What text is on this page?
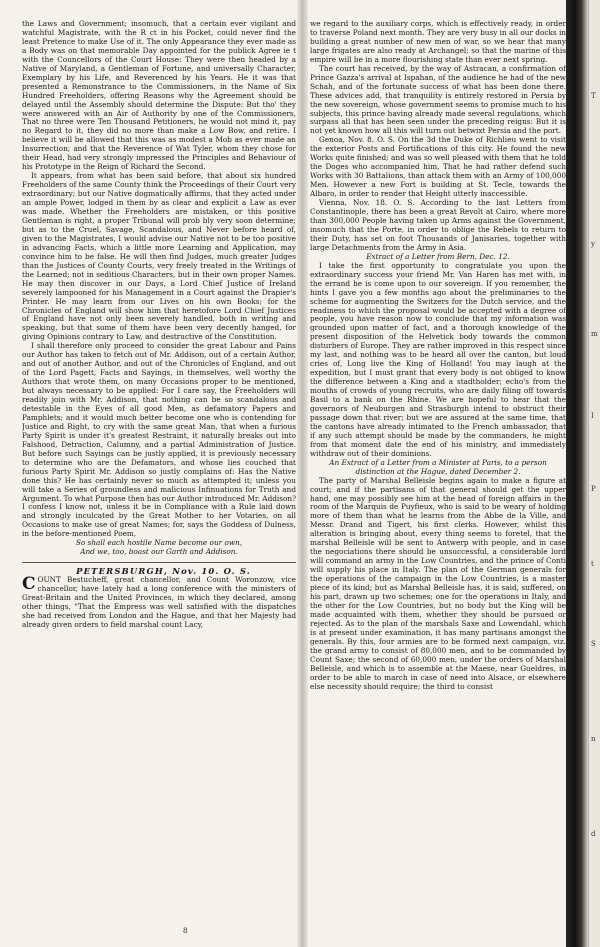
the Laws and Government; insomuch, that a certain ever vigilant and watchful Magistrate, with the R ct in his Pocket, could never find the least Pretence to make Use of it. The only Appearance they ever made as a Body was on that memorable Day appointed for the publick Agree ie t with the Councellors of the Court House: They were then headed by a Native of Maryland, a Gentleman of Fortune, and universally Character, Exemplary by his Life, and Reverenced by his Years. He it was that presented a Remonstrance to the Commissioners, in the Name of Six Hundred Freeholders, offering Reasons why the Agreement should be delayed until the Assembly should determine the Dispute: But tho' they were answered with an Air of Authority by one of the Commissioners, That no three were Ten Thousand Petitioners, he would not mind it, pay no Regard to it, they did no more than make a Low Bow, and retire. I believe it will be allowed that this was as modest a Mob as ever made an Insurrection; and that the Reverence of Wat Tyler, whom they chose for their Head, had very strongly impressed the Principles and Behaviour of his Prototype in the Reign of Richard the Second.

It appears, from what has been said before, that about six hundred Freeholders of the same County think the Proceedings of their Court very extraordinary; but our Native dogmatically affirms, that they acted under an ample Power, lodged in them by as clear and explicit a Law as ever was made. Whether the Freeholders are mistaken, or this positive Gentleman is right, a proper Tribunal will prob bly very soon determine; but as to the Cruel, Savage, Scandalous, and Never before heard of, given to the Magistrates, I would advise our Native not to be too positive in advancing Facts, which a little more Learning and Application, may convince him to be false. He will then find Judges, much greater Judges than the Justices of County Courts, very freely treated in the Writings of the Learned; not in seditious Characters, but in their own proper Names. He may then discover in our Days, a Lord Chief Justice of Ireland severely lampooned for his Management in a Court against the Drapier's Printer. He may learn from our Lives on his own Books; for the Chronicles of England will show him that heretofore Lord Chief Justices of England have not only been severely handled, both in writing and speaking, but that some of them have been very decently hanged, for giving Opinions contrary to Law, and destructive of the Constitution.

I shall therefore only proceed to consider the great Labour and Pains our Author has taken to fetch out of Mr. Addison, out of a certain Author, and out of another Author, and out of the Chronicles of England, and out of the Lord Pagett, Facts and Sayings, in themselves, well worthy the Authors that wrote them, on many Occasions proper to be mentioned, but always necessary to be applied: For I care say, the Freeholders will readily join with Mr. Addison, that nothing can be so scandalous and detestable in the Eyes of all good Men, as defamatory Papers and Pamphlets; and it would much better become one who is contending for Justice and Right, to cry with the same great Man, that when a furious Party Spirit is under it's greatest Restraint, it naturally breaks out into Falshood, Detraction, Calumny, and a partial Administration of Justice. But before such Sayings can be justly applied, it is previously necessary to determine who are the Defamators, and whose lies couched that furious Party Spirit Mr. Addison so justly complains of: Has the Native done this? He has certainly never so much as attempted it; unless you will take a Series of groundless and malicious Infinuations for Truth and Argument. To what Purpose then has our Author introduced Mr. Addison? I confess I know not, unless it be in Compliance with a Rule laid down and strongly inculcated by the Great Mother to her Votaries, on all Occasions to make use of great Names; for, says the Goddess of Dulness, in the before-mentioned Poem,

So shall each hostile Name become our own,

And we, too, boast our Garth and Addison.

PETERSBURGH, Nov. 10. O. S.

COUNT Bestucheff, great chancellor, and Count Woronzow, vice chancellor, have lately had a long conference with the ministers of Great-Britain and the United Provinces, in which they declared, among other things, "That the Empress was well satisfied with the dispatches she had received from London and the Hague, and that her Majesty had already given orders to field marshal count Lacy,

we regard to the auxiliary corps, which is effectively ready, in order to traverse Poland next month. They are very busy in all our docks in building a great number of new men of war, so we hear that many large frigates are also ready at Archangel; so that the marine of this empire will be in a more flourishing state than ever next spring.

The court has received, by the way of Astracan, a confirmation of Prince Gazza's arrival at Ispahan, of the audience he had of the new Schah, and of the fortunate success of what has been done there. These advices add, that tranquility is entirely restored in Persia by the new sovereign, whose government seems to promise much to his subjects, this prince having already made several regulations, which surpass all that has been seen under the preceding reigns: But it is not yet known how all this will turn out betwixt Persia and the port.

Genoa, Nov. 8. O. S. On the 3d the Duke of Richlieu went to visit the exterior Posts and Fortifications of this city. He found the new Works quite finished; and was so well pleased with them that he told the Doges who accompanied him, That he had rather defend such Works with 30 Battalions, than attack them with an Army of 100,000 Men. However a new Fort is building at St. Tecle, towards the Albaro, in order to render that Height utterly inaccessible.

Vienna, Nov. 18. O. S. According to the last Letters from Constantinople, there has been a great Revolt at Cairo, where more than 300,000 People having taken up Arms against the Government, insomuch that the Porte, in order to oblige the Rebels to return to their Duty, has set on foot Thousands of Janisaries, together with large Detachments from the Army in Asia.

Extract of a Letter from Bern, Dec. 12.

I take the first opportunity to congratulate you upon the extraordinary success your friend Mr. Van Haren has met with, in the errand he is come upon to our sovereign. If you remember, the hints I gave you a few months ago about the preliminaries to the scheme for augmenting the Switzers for the Dutch service, and the readiness to which the proposal would be accepted with a degree of people, you have reason now to conclude that my information was grounded upon matter of fact, and a thorough knowledge of the present disposition of the Helvetick body towards the common disturbers of Europe. They are rather improved in this respect since my last, and nothing was to be heard all over the canton, but loud cries of, Long live the King of Holland! You may laugh at the expedition, but I must grant that every body is not obliged to know the difference between a King and a stadtholder; echo's from the mouths of crowds of young recruits, who are daily filing off towards Basil to a bank on the Rhine. We are hopeful to hear that the governors of Neuburgen and Strasburgh intend to obstruct their passage down that river; but we are assured at the same time, that the cantons have already intimated to the French ambassador, that if any such attempt should be made by the commanders, he might from that moment date the end of his ministry, and immediately withdraw out of their dominions.

An Extract of a Letter from a Minister at Paris, to a person distinction at the Hague, dated December 2.

The party of Marshal Belleisle begins again to make a figure at court; and if the partisans of that general should get the upper hand, one may possibly see him at the head of foreign affairs in the room of the Marquis de Puyfieux, who is said to be weary of holding more of them than what he learns from the Abbe de la Ville, and Messr. Drand and Tigert, his first clerks. However, whilst this alteration is bringing about, every thing seems to foretel, that the marshal Belleisle will be sent to Antwerp with people, and in case the negociations there should be unsuccessful, a considerable lord will command an army in the Low Countries, and the prince of Conti will supply his place in Italy. The plan of the German generals for the operations of the campaign in the Low Countries, is a master piece of its kind; but as Marshal Belleisle has, it is said, suffered, on his part, drawn up two schemes; one for the operations in Italy, and the other for the Low Countries, but no body but the King will be made acquainted with them, whether they should be pursued or rejected. As to the plan of the marshals Saxe and Lowendahl, which is at present under examination, it has many partisans amongst the generals. By this, four armies are to be formed next campaign, viz. the grand army to consist of 80,000 men, and to be commanded by Count Saxe; the second of 60,000 men, under the orders of Marshal Belleisle, and which is to assemble at the Maese, near Gueldres, in order to be able to march in case of need into Alsace, or elsewhere else necessity should require; the third to consist

8
T
y
m
I
P
t
S
n
d
